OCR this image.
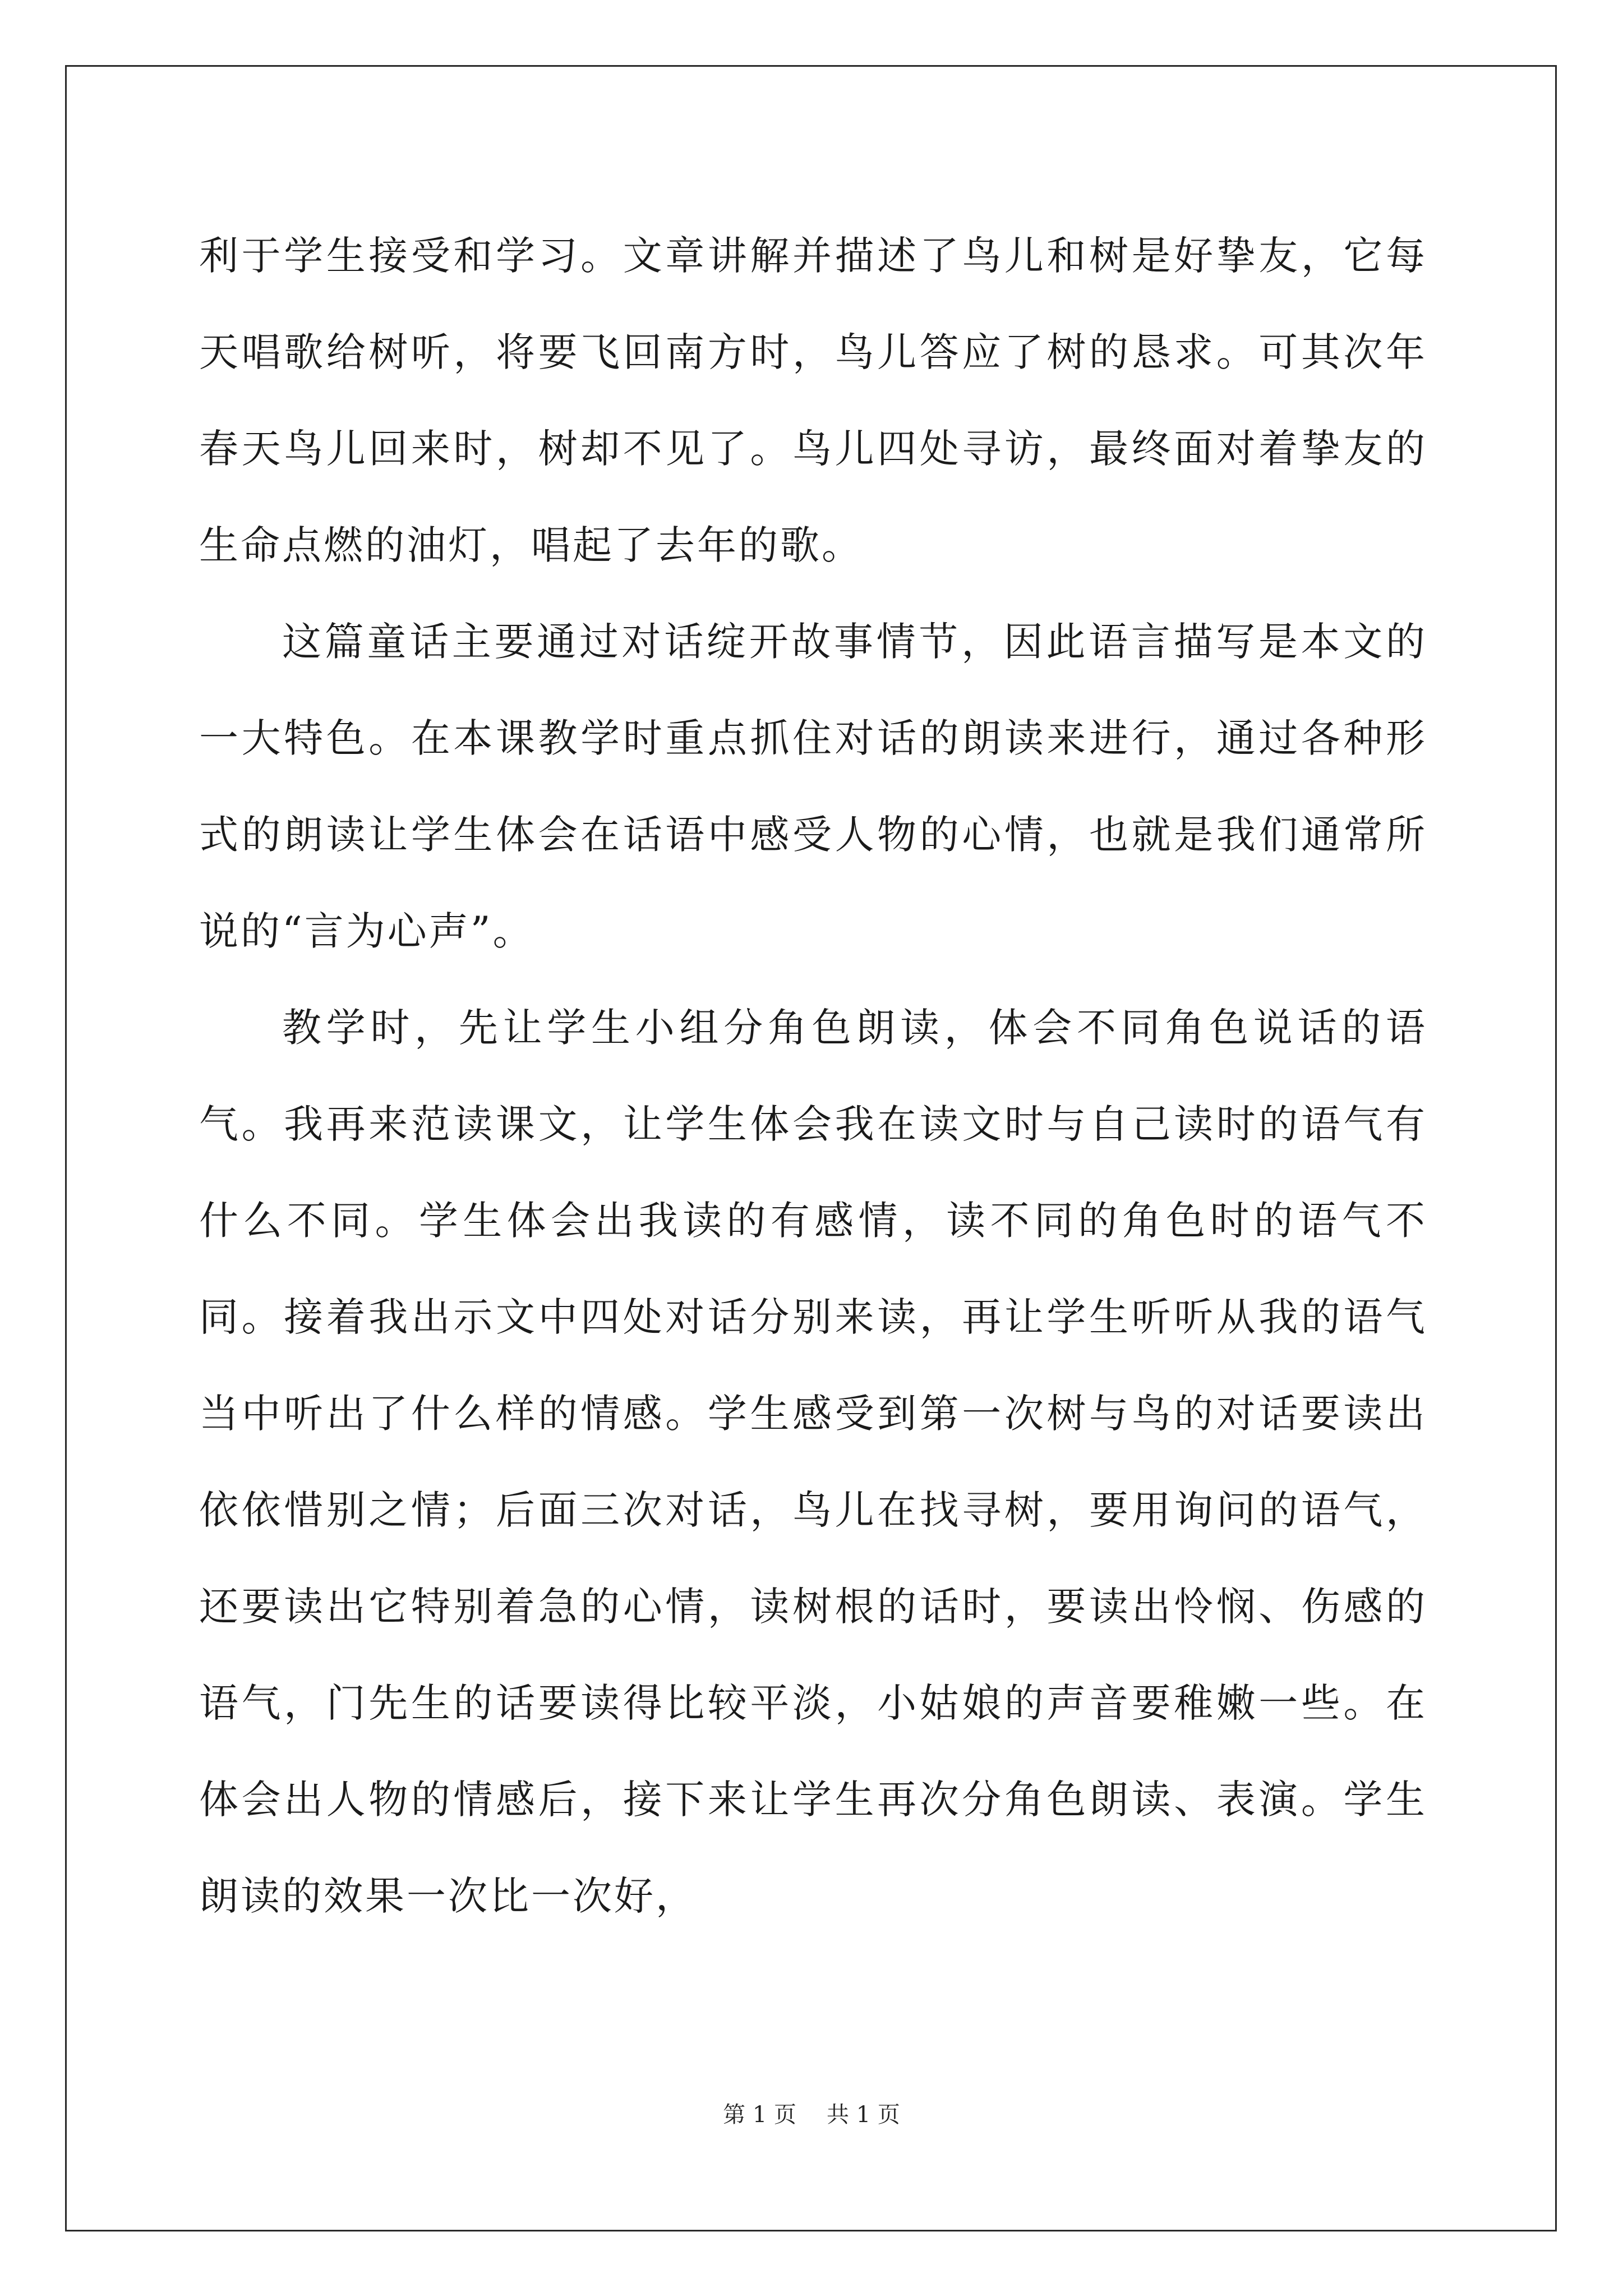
利于学生接受和学习。文章讲解并描述了鸟儿和树是好挚友，它每天唱歌给树听，将要飞回南方时，鸟儿答应了树的恳求。可其次年春天鸟儿回来时，树却不见了。鸟儿四处寻访，最终面对着挚友的生命点燃的油灯，唱起了去年的歌。

这篇童话主要通过对话绽开故事情节，因此语言描写是本文的一大特色。在本课教学时重点抓住对话的朗读来进行，通过各种形式的朗读让学生体会在话语中感受人物的心情，也就是我们通常所说的“言为心声”。

教学时，先让学生小组分角色朗读，体会不同角色说话的语气。我再来范读课文，让学生体会我在读文时与自己读时的语气有什么不同。学生体会出我读的有感情，读不同的角色时的语气不同。接着我出示文中四处对话分别来读，再让学生听听从我的语气当中听出了什么样的情感。学生感受到第一次树与鸟的对话要读出依依惜别之情；后面三次对话，鸟儿在找寻树，要用询问的语气，还要读出它特别着急的心情，读树根的话时，要读出怜悯、伤感的语气，门先生的话要读得比较平淡，小姑娘的声音要稚嫩一些。在体会出人物的情感后，接下来让学生再次分角色朗读、表演。学生朗读的效果一次比一次好，

第 1 页 共 1 页
